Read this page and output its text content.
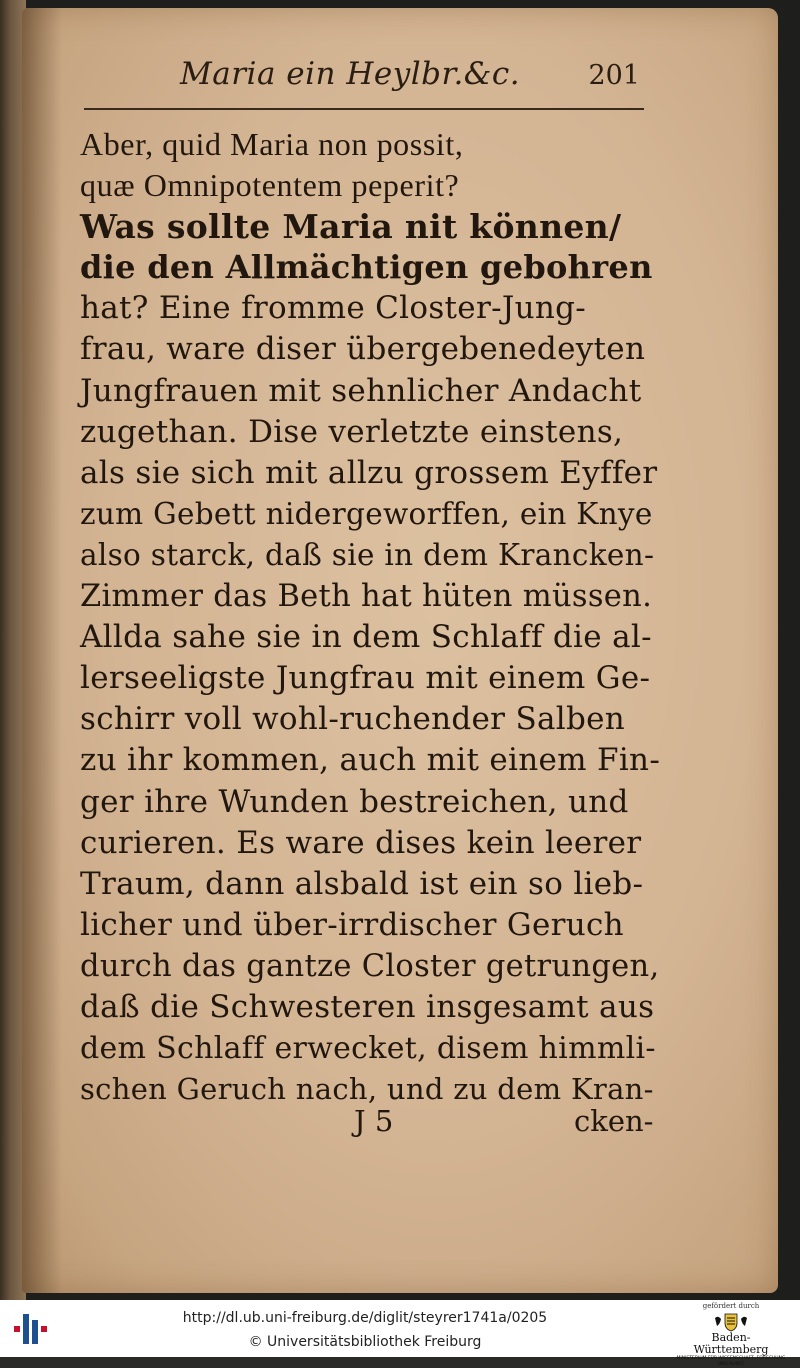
Maria ein Heylbr.&c.	201
Aber, quid Maria non possit,
quæ Omnipotentem peperit?
Was sollte Maria nit können/
die den Allmächtigen gebohren
hat? Eine fromme Closter-Jung-
frau, ware diser übergebenedeyten
Jungfrauen mit sehnlicher Andacht
zugethan. Dise verletzte einstens,
als sie sich mit allzu grossem Eyffer
zum Gebett nidergeworffen, ein Knye
also starck, daß sie in dem Krancken-
Zimmer das Beth hat hüten müssen.
Allda sahe sie in dem Schlaff die al-
lerseeligste Jungfrau mit einem Ge-
schirr voll wohl-ruchender Salben
zu ihr kommen, auch mit einem Fin-
ger ihre Wunden bestreichen, und
curieren. Es ware dises kein leerer
Traum, dann alsbald ist ein so lieb-
licher und über-irrdischer Geruch
durch das gantze Closter getrungen,
daß die Schwesteren insgesamt aus
dem Schlaff erwecket, disem himmli-
schen Geruch nach, und zu dem Kran-
J 5	cken-
http://dl.ub.uni-freiburg.de/diglit/steyrer1741a/0205
© Universitätsbibliothek Freiburg
gefördert durch
Baden-Württemberg
MINISTERIUM FÜR WISSENSCHAFT, FORSCHUNG UND KUNST
